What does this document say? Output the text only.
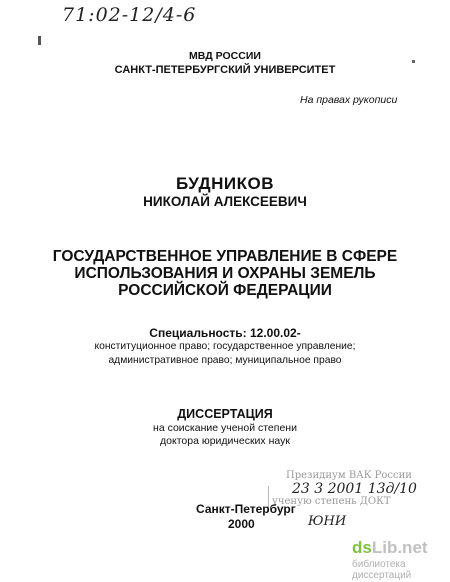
71:02-12/4-6
МВД РОССИИ
САНКТ-ПЕТЕРБУРГСКИЙ УНИВЕРСИТЕТ
На правах рукописи
БУДНИКОВ
НИКОЛАЙ АЛЕКСЕЕВИЧ
ГОСУДАРСТВЕННОЕ УПРАВЛЕНИЕ В СФЕРЕ
ИСПОЛЬЗОВАНИЯ И ОХРАНЫ ЗЕМЕЛЬ
РОССИЙСКОЙ ФЕДЕРАЦИИ
Специальность: 12.00.02-
конституционное право; государственное управление;
административное право; муниципальное право
ДИССЕРТАЦИЯ
на соискание ученой степени
доктора юридических наук
Президиум ВАК России
ученую степень ДОКТ
23 3 2001 13д/10
ЮНИ
Санкт-Петербург
2000
dsLib.net
библиотека диссертаций
